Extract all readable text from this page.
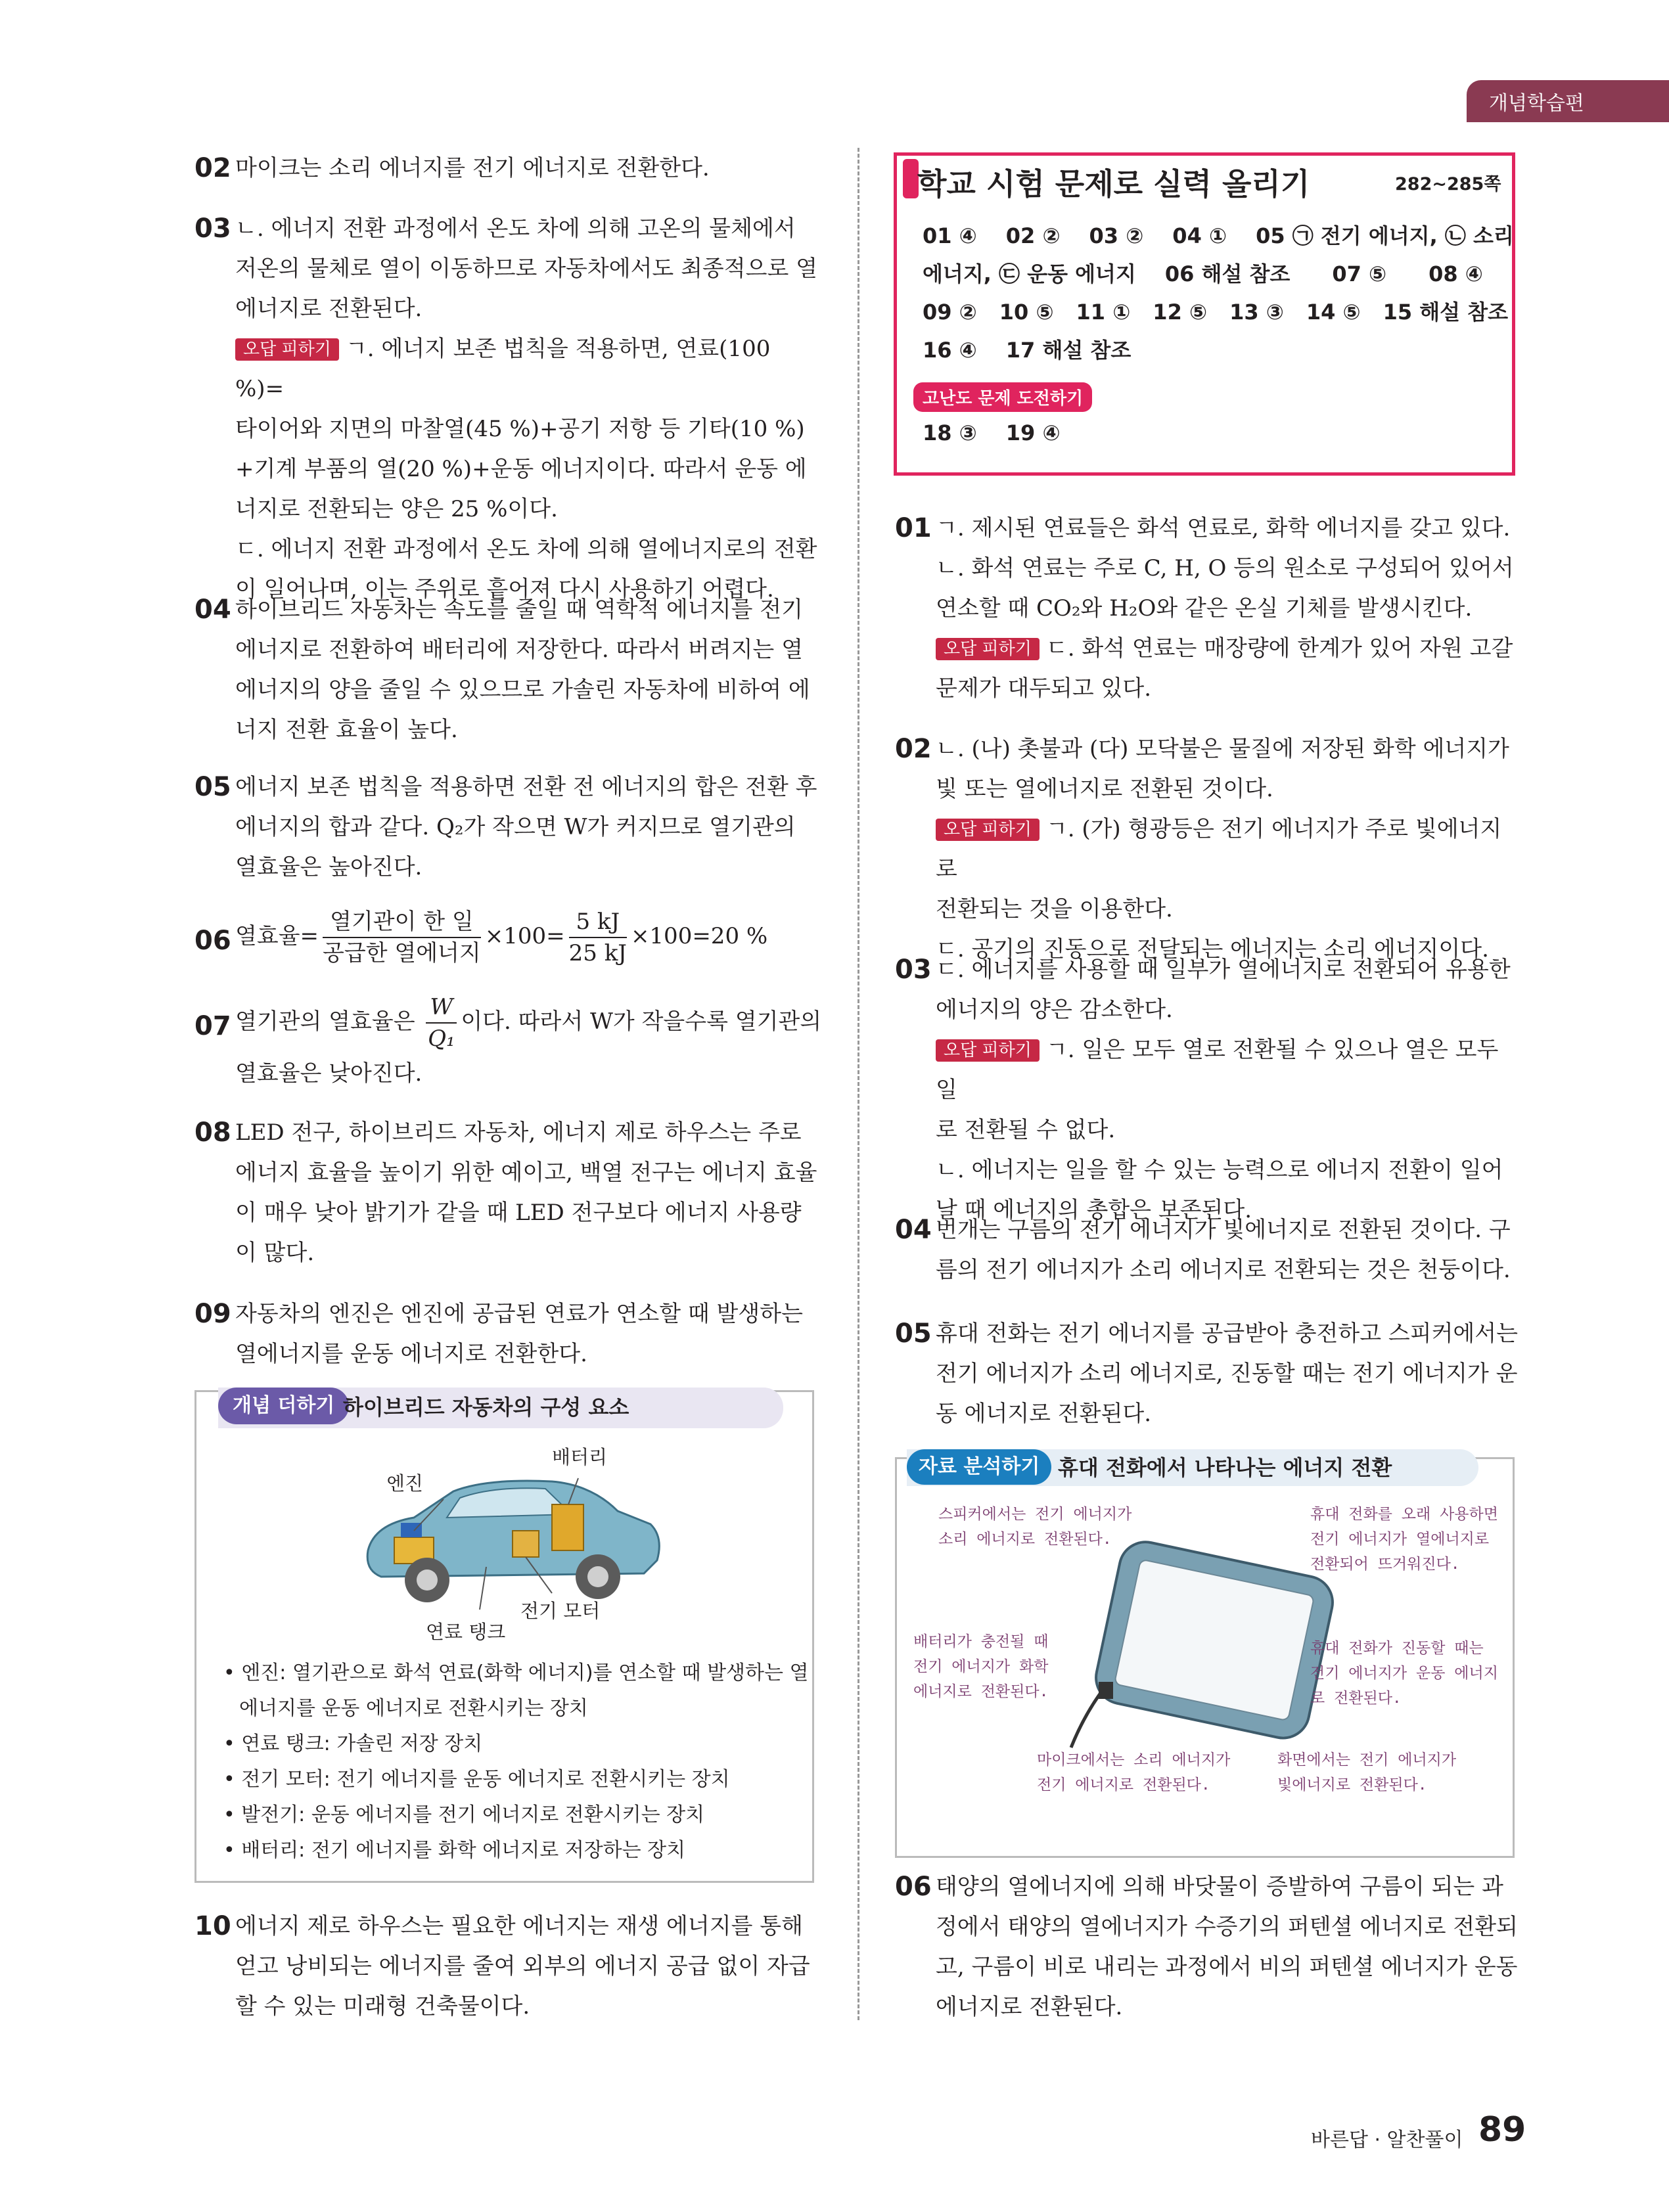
개념학습편
02 마이크는 소리 에너지를 전기 에너지로 전환한다.
03 ㄴ. 에너지 전환 과정에서 온도 차에 의해 고온의 물체에서
저온의 물체로 열이 이동하므로 자동차에서도 최종적으로 열
에너지로 전환된다.
오답 피하기 ㄱ. 에너지 보존 법칙을 적용하면, 연료(100 %)=
타이어와 지면의 마찰열(45 %)+공기 저항 등 기타(10 %)
+기계 부품의 열(20 %)+운동 에너지이다. 따라서 운동 에
너지로 전환되는 양은 25 %이다.
ㄷ. 에너지 전환 과정에서 온도 차에 의해 열에너지로의 전환
이 일어나며, 이는 주위로 흩어져 다시 사용하기 어렵다.
04 하이브리드 자동차는 속도를 줄일 때 역학적 에너지를 전기
에너지로 전환하여 배터리에 저장한다. 따라서 버려지는 열
에너지의 양을 줄일 수 있으므로 가솔린 자동차에 비하여 에
너지 전환 효율이 높다.
05 에너지 보존 법칙을 적용하면 전환 전 에너지의 합은 전환 후
에너지의 합과 같다. Q₂가 작으면 W가 커지므로 열기관의
열효율은 높아진다.
06 열효율= $\frac{\text{열기관이 한 일}}{\text{공급한 열에너지}} \times 100= \frac{5 kJ}{25 kJ} \times 100=20$ %
07 열기관의 열효율은 $\frac{W}{\text{Q₁}}$ 이다. 따라서 W가 작을수록 열기관의
열효율은 낮아진다.
08 LED 전구, 하이브리드 자동차, 에너지 제로 하우스는 주로
에너지 효율을 높이기 위한 예이고, 백열 전구는 에너지 효율
이 매우 낮아 밝기가 같을 때 LED 전구보다 에너지 사용량
이 많다.
09 자동차의 엔진은 엔진에 공급된 연료가 연소할 때 발생하는
열에너지를 운동 에너지로 전환한다.
개념 더하기 하이브리드 자동차의 구성 요소
엔진
배터리
전기 모터
연료 탱크
• 엔진: 열기관으로 화석 연료(화학 에너지)를 연소할 때 발생하는 열
에너지를 운동 에너지로 전환시키는 장치
• 연료 탱크: 가솔린 저장 장치
• 전기 모터: 전기 에너지를 운동 에너지로 전환시키는 장치
• 발전기: 운동 에너지를 전기 에너지로 전환시키는 장치
• 배터리: 전기 에너지를 화학 에너지로 저장하는 장치
10 에너지 제로 하우스는 필요한 에너지는 재생 에너지를 통해
얻고 낭비되는 에너지를 줄여 외부의 에너지 공급 없이 자급
할 수 있는 미래형 건축물이다.
학교 시험 문제로 실력 올리기	282~285쪽
01 ④ 02 ② 03 ② 04 ① 05 ㉠ 전기 에너지, ㉡ 소리
에너지, ㉢ 운동 에너지 06 해설 참조 07 ⑤ 08 ④
09 ② 10 ⑤ 11 ① 12 ⑤ 13 ③ 14 ⑤ 15 해설 참조
16 ④ 17 해설 참조
고난도 문제 도전하기
18 ③ 19 ④
01 ㄱ. 제시된 연료들은 화석 연료로, 화학 에너지를 갖고 있다.
ㄴ. 화석 연료는 주로 C, H, O 등의 원소로 구성되어 있어서
연소할 때 CO₂와 H₂O와 같은 온실 기체를 발생시킨다.
오답 피하기 ㄷ. 화석 연료는 매장량에 한계가 있어 자원 고갈
문제가 대두되고 있다.
02 ㄴ. (나) 촛불과 (다) 모닥불은 물질에 저장된 화학 에너지가
빛 또는 열에너지로 전환된 것이다.
오답 피하기 ㄱ. (가) 형광등은 전기 에너지가 주로 빛에너지로
전환되는 것을 이용한다.
ㄷ. 공기의 진동으로 전달되는 에너지는 소리 에너지이다.
03 ㄷ. 에너지를 사용할 때 일부가 열에너지로 전환되어 유용한
에너지의 양은 감소한다.
오답 피하기 ㄱ. 일은 모두 열로 전환될 수 있으나 열은 모두 일
로 전환될 수 없다.
ㄴ. 에너지는 일을 할 수 있는 능력으로 에너지 전환이 일어
날 때 에너지의 총합은 보존된다.
04 번개는 구름의 전기 에너지가 빛에너지로 전환된 것이다. 구
름의 전기 에너지가 소리 에너지로 전환되는 것은 천둥이다.
05 휴대 전화는 전기 에너지를 공급받아 충전하고 스피커에서는
전기 에너지가 소리 에너지로, 진동할 때는 전기 에너지가 운
동 에너지로 전환된다.
자료 분석하기 휴대 전화에서 나타나는 에너지 전환
스피커에서는 전기 에너지가
소리 에너지로 전환된다.
휴대 전화를 오래 사용하면
전기 에너지가 열에너지로
전환되어 뜨거워진다.
배터리가 충전될 때
전기 에너지가 화학
에너지로 전환된다.
휴대 전화가 진동할 때는
전기 에너지가 운동 에너지
로 전환된다.
마이크에서는 소리 에너지가
전기 에너지로 전환된다.
화면에서는 전기 에너지가
빛에너지로 전환된다.
06 태양의 열에너지에 의해 바닷물이 증발하여 구름이 되는 과
정에서 태양의 열에너지가 수증기의 퍼텐셜 에너지로 전환되
고, 구름이 비로 내리는 과정에서 비의 퍼텐셜 에너지가 운동
에너지로 전환된다.
바른답 · 알찬풀이 89
